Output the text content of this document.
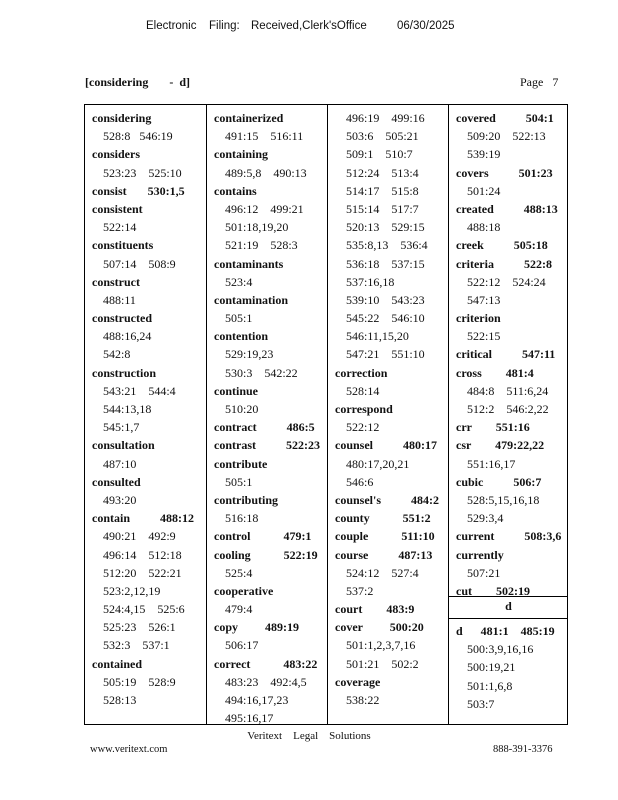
Electronic Filing: Received,Clerk'sOffice	06/30/2025
[considering       -  d]	Page   7
considering
528:8   546:19
considers
523:23    525:10
consist       530:1,5
consistent
522:14
constituents
507:14    508:9
construct
488:11
constructed
488:16,24
542:8
construction
543:21    544:4
544:13,18
545:1,7
consultation
487:10
consulted
493:20
contain          488:12
490:21    492:9
496:14    512:18
512:20    522:21
523:2,12,19
524:4,15    525:6
525:23    526:1
532:3    537:1
contained
505:19    528:9
528:13
containerized
491:15    516:11
containing
489:5,8    490:13
contains
496:12    499:21
501:18,19,20
521:19    528:3
contaminants
523:4
contamination
505:1
contention
529:19,23
530:3    542:22
continue
510:20
contract          486:5
contrast          522:23
contribute
505:1
contributing
516:18
control           479:1
cooling           522:19
525:4
cooperative
479:4
copy         489:19
506:17
correct           483:22
483:23    492:4,5
494:16,17,23
495:16,17
496:19    499:16
503:6    505:21
509:1    510:7
512:24    513:4
514:17    515:8
515:14    517:7
520:13    529:15
535:8,13    536:4
536:18    537:15
537:16,18
539:10    543:23
545:22    546:10
546:11,15,20
547:21    551:10
correction
528:14
correspond
522:12
counsel          480:17
480:17,20,21
546:6
counsel's          484:2
county           551:2
couple           511:10
course          487:13
524:12    527:4
537:2
court        483:9
cover         500:20
501:1,2,3,7,16
501:21    502:2
coverage
538:22
covered          504:1
509:20    522:13
539:19
covers          501:23
501:24
created          488:13
488:18
creek          505:18
criteria          522:8
522:12    524:24
547:13
criterion
522:15
critical          547:11
cross        481:4
484:8    511:6,24
512:2    546:2,22
crr        551:16
csr        479:22,22
551:16,17
cubic          506:7
528:5,15,16,18
529:3,4
current          508:3,6
currently
507:21
cut        502:19
d
d      481:1    485:19
500:3,9,16,16
500:19,21
501:1,6,8
503:7
Veritext    Legal    Solutions
www.veritext.com	888-391-3376
